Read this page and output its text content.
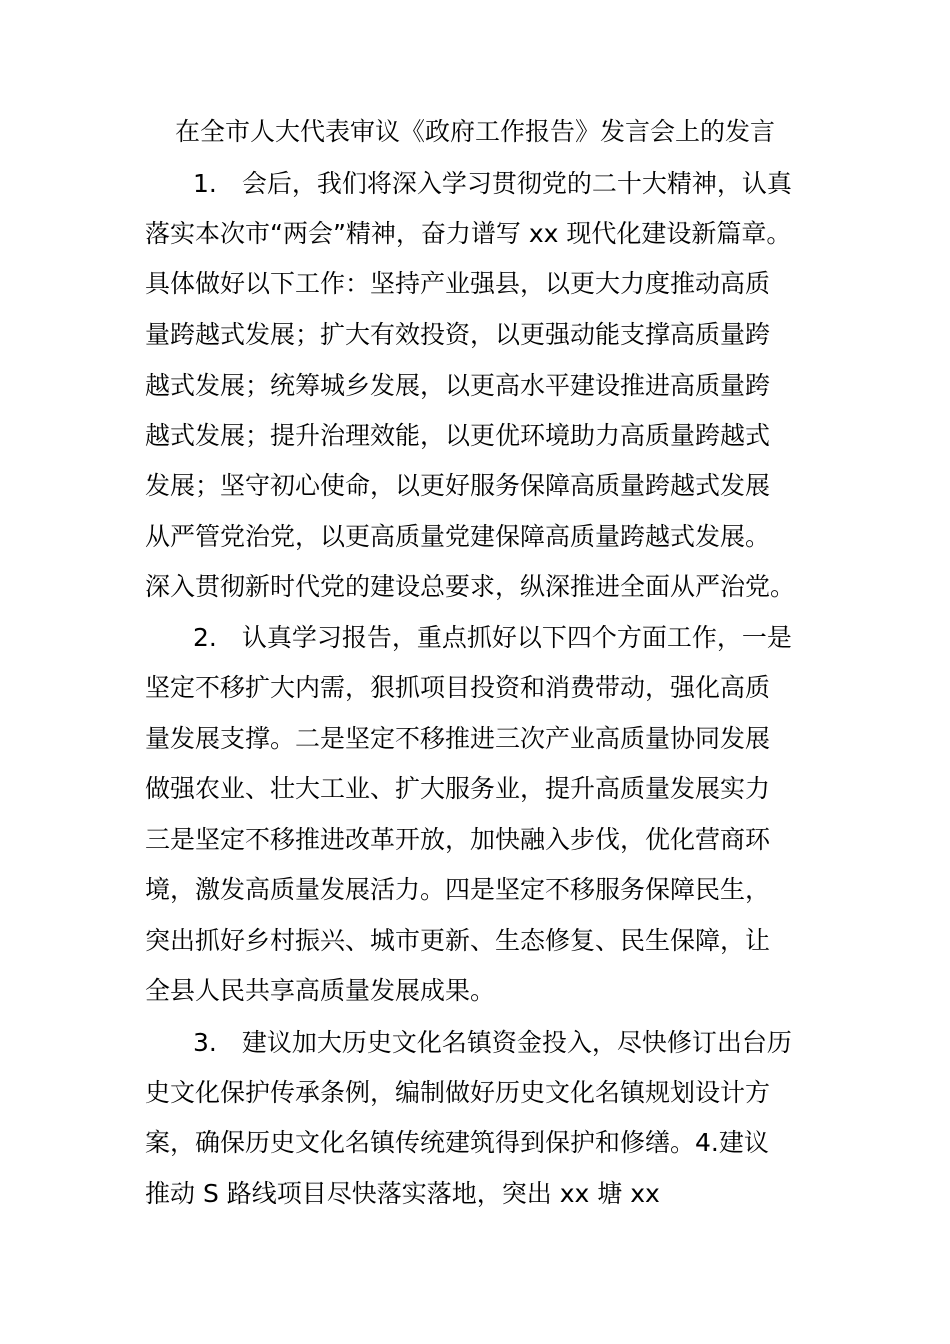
在全市人大代表审议《政府工作报告》发言会上的发言
1.　会后，我们将深入学习贯彻党的二十大精神，认真
落实本次市“两会”精神，奋力谱写 xx 现代化建设新篇章。
具体做好以下工作：坚持产业强县，以更大力度推动高质
量跨越式发展；扩大有效投资，以更强动能支撑高质量跨
越式发展；统筹城乡发展，以更高水平建设推进高质量跨
越式发展；提升治理效能，以更优环境助力高质量跨越式
发展；坚守初心使命，以更好服务保障高质量跨越式发展
从严管党治党，以更高质量党建保障高质量跨越式发展。
深入贯彻新时代党的建设总要求，纵深推进全面从严治党。
2.　认真学习报告，重点抓好以下四个方面工作，一是
坚定不移扩大内需，狠抓项目投资和消费带动，强化高质
量发展支撑。二是坚定不移推进三次产业高质量协同发展
做强农业、壮大工业、扩大服务业，提升高质量发展实力
三是坚定不移推进改革开放，加快融入步伐，优化营商环
境，激发高质量发展活力。四是坚定不移服务保障民生，
突出抓好乡村振兴、城市更新、生态修复、民生保障，让
全县人民共享高质量发展成果。
3.　建议加大历史文化名镇资金投入，尽快修订出台历
史文化保护传承条例，编制做好历史文化名镇规划设计方
案，确保历史文化名镇传统建筑得到保护和修缮。4.建议
推动 S 路线项目尽快落实落地，突出 xx 塘 xx
